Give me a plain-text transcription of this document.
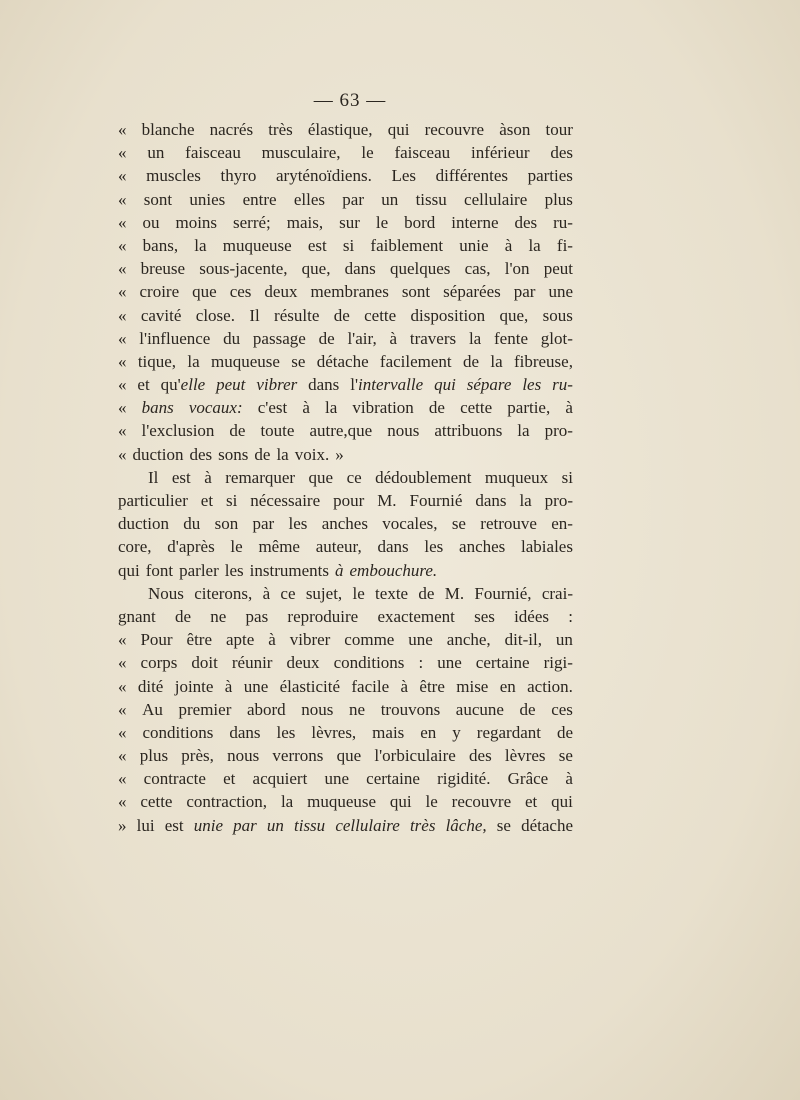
— 63 —
« blanche nacrés très élastique, qui recouvre àson tour
« un faisceau musculaire, le faisceau inférieur des
« muscles thyro aryténoïdiens. Les différentes parties
« sont unies entre elles par un tissu cellulaire plus
« ou moins serré; mais, sur le bord interne des ru-
« bans, la muqueuse est si faiblement unie à la fi-
« breuse sous-jacente, que, dans quelques cas, l'on peut
« croire que ces deux membranes sont séparées par une
« cavité close. Il résulte de cette disposition que, sous
« l'influence du passage de l'air, à travers la fente glot-
« tique, la muqueuse se détache facilement de la fibreuse,
« et qu'elle peut vibrer dans l'intervalle qui sépare les ru-
« bans vocaux: c'est à la vibration de cette partie, à
« l'exclusion de toute autre,que nous attribuons la pro-
« duction des sons de la voix. »
Il est à remarquer que ce dédoublement muqueux si
particulier et si nécessaire pour M. Fournié dans la pro-
duction du son par les anches vocales, se retrouve en-
core, d'après le même auteur, dans les anches labiales
qui font parler les instruments à embouchure.
Nous citerons, à ce sujet, le texte de M. Fournié, crai-
gnant de ne pas reproduire exactement ses idées :
« Pour être apte à vibrer comme une anche, dit-il, un
« corps doit réunir deux conditions : une certaine rigi-
« dité jointe à une élasticité facile à être mise en action.
« Au premier abord nous ne trouvons aucune de ces
« conditions dans les lèvres, mais en y regardant de
« plus près, nous verrons que l'orbiculaire des lèvres se
« contracte et acquiert une certaine rigidité. Grâce à
« cette contraction, la muqueuse qui le recouvre et qui
» lui est unie par un tissu cellulaire très lâche, se détache
